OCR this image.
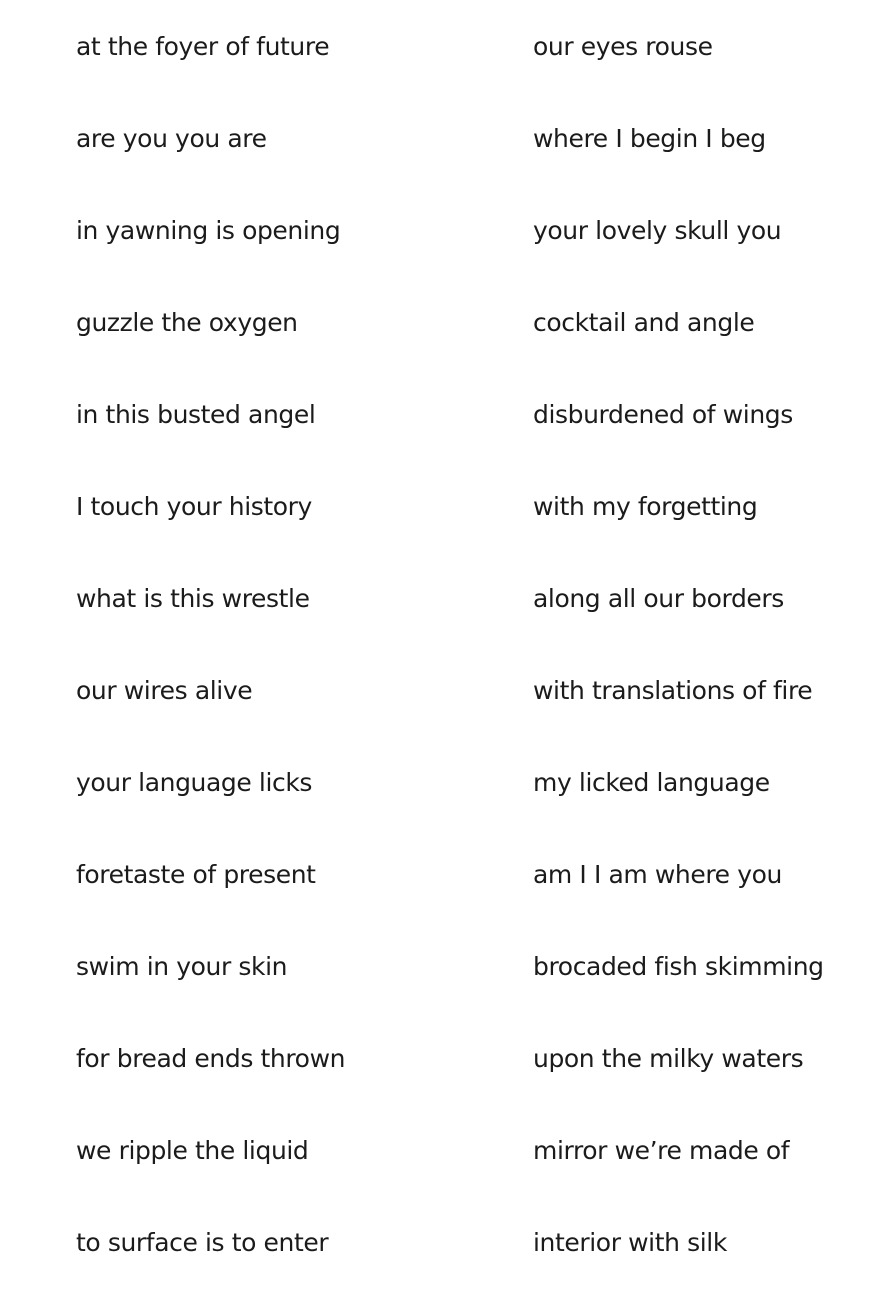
at the foyer of future
are you you are
in yawning is opening
guzzle the oxygen
in this busted angel
I touch your history
what is this wrestle
our wires alive
your language licks
foretaste of present
swim in your skin
for bread ends thrown
we ripple the liquid
to surface is to enter
our eyes rouse
where I begin I beg
your lovely skull you
cocktail and angle
disburdened of wings
with my forgetting
along all our borders
with translations of fire
my licked language
am I I am where you
brocaded fish skimming
upon the milky waters
mirror we’re made of
interior with silk
